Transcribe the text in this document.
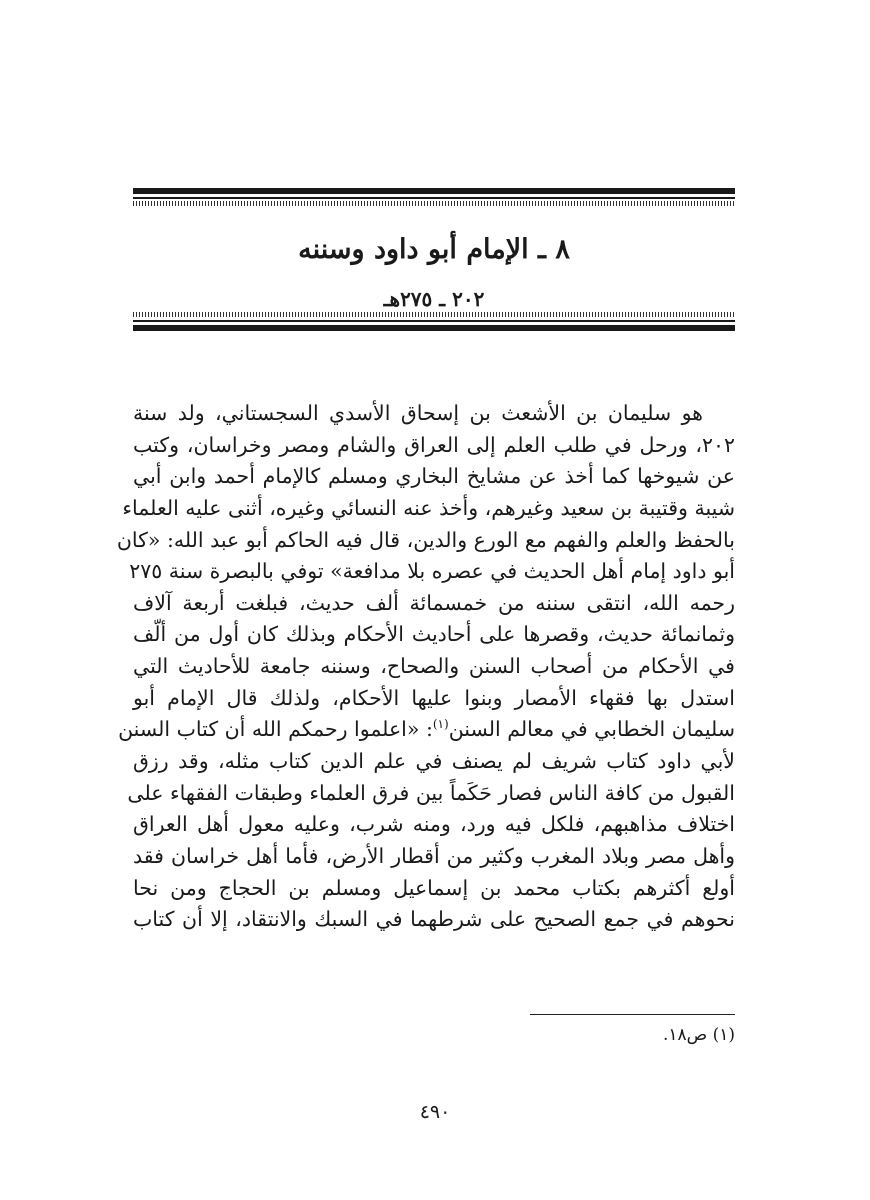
٨ ـ الإمام أبو داود وسننه
٢٠٢ ـ ٢٧٥هـ
هو سليمان بن الأشعث بن إسحاق الأسدي السجستاني، ولد سنة
٢٠٢، ورحل في طلب العلم إلى العراق والشام ومصر وخراسان، وكتب
عن شيوخها كما أخذ عن مشايخ البخاري ومسلم كالإمام أحمد وابن أبي
شيبة وقتيبة بن سعيد وغيرهم، وأخذ عنه النسائي وغيره، أثنى عليه العلماء
بالحفظ والعلم والفهم مع الورع والدين، قال فيه الحاكم أبو عبد الله: «كان
أبو داود إمام أهل الحديث في عصره بلا مدافعة» توفي بالبصرة سنة ٢٧٥
رحمه الله، انتقى سننه من خمسمائة ألف حديث، فبلغت أربعة آلاف
وثمانمائة حديث، وقصرها على أحاديث الأحكام وبذلك كان أول من ألّف
في الأحكام من أصحاب السنن والصحاح، وسننه جامعة للأحاديث التي
استدل بها فقهاء الأمصار وبنوا عليها الأحكام، ولذلك قال الإمام أبو
سليمان الخطابي في معالم السنن$^{(١)}$: «اعلموا رحمكم الله أن كتاب السنن
لأبي داود كتاب شريف لم يصنف في علم الدين كتاب مثله، وقد رزق
القبول من كافة الناس فصار حَكَماً بين فرق العلماء وطبقات الفقهاء على
اختلاف مذاهبهم، فلكل فيه ورد، ومنه شرب، وعليه معول أهل العراق
وأهل مصر وبلاد المغرب وكثير من أقطار الأرض، فأما أهل خراسان فقد
أولع أكثرهم بكتاب محمد بن إسماعيل ومسلم بن الحجاج ومن نحا
نحوهم في جمع الصحيح على شرطهما في السبك والانتقاد، إلا أن كتاب
(١) ص١٨.
٤٩٠
